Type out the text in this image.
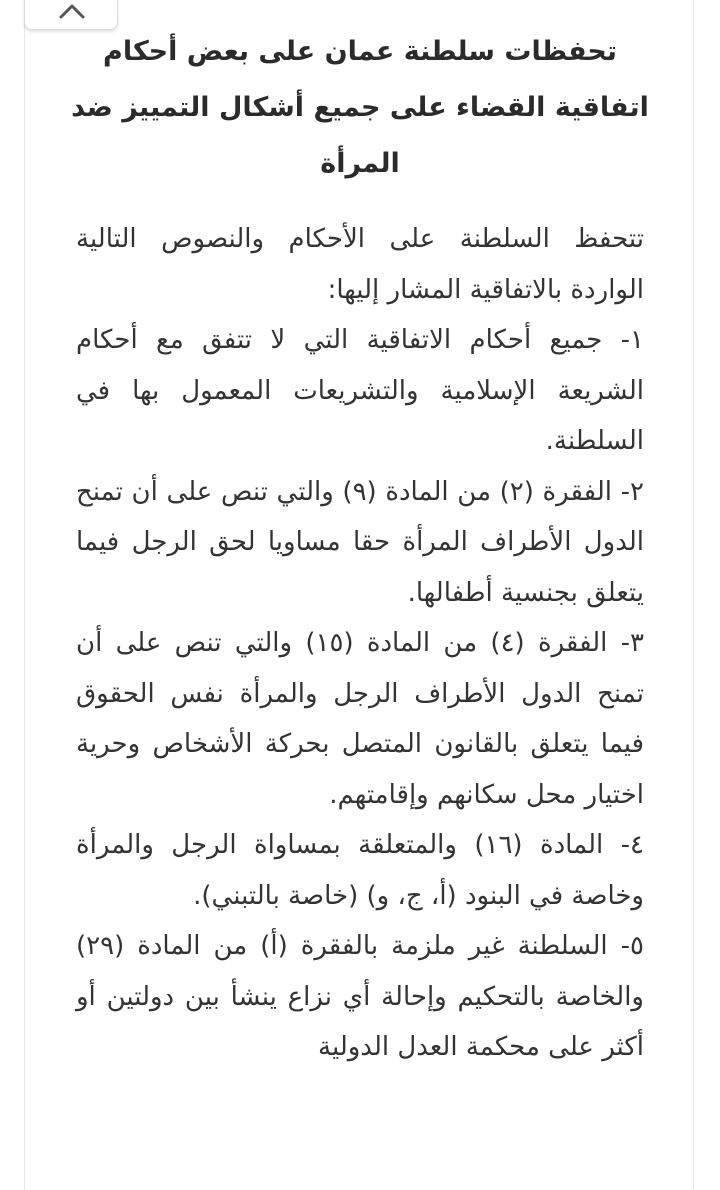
تحفظات سلطنة عمان على بعض أحكام اتفاقية القضاء على جميع أشكال التمييز ضد المرأة

تتحفظ السلطنة على الأحكام والنصوص التالية الواردة بالاتفاقية المشار إليها:

١- جميع أحكام الاتفاقية التي لا تتفق مع أحكام الشريعة الإسلامية والتشريعات المعمول بها في السلطنة.

٢- الفقرة (٢) من المادة (٩) والتي تنص على أن تمنح الدول الأطراف المرأة حقا مساويا لحق الرجل فيما يتعلق بجنسية أطفالها.

٣- الفقرة (٤) من المادة (١٥) والتي تنص على أن تمنح الدول الأطراف الرجل والمرأة نفس الحقوق فيما يتعلق بالقانون المتصل بحركة الأشخاص وحرية اختيار محل سكانهم وإقامتهم.

٤- المادة (١٦) والمتعلقة بمساواة الرجل والمرأة وخاصة في البنود (أ، ج، و) (خاصة بالتبني).

٥- السلطنة غير ملزمة بالفقرة (أ) من المادة (٢٩) والخاصة بالتحكيم وإحالة أي نزاع ينشأ بين دولتين أو أكثر على محكمة العدل الدولية
